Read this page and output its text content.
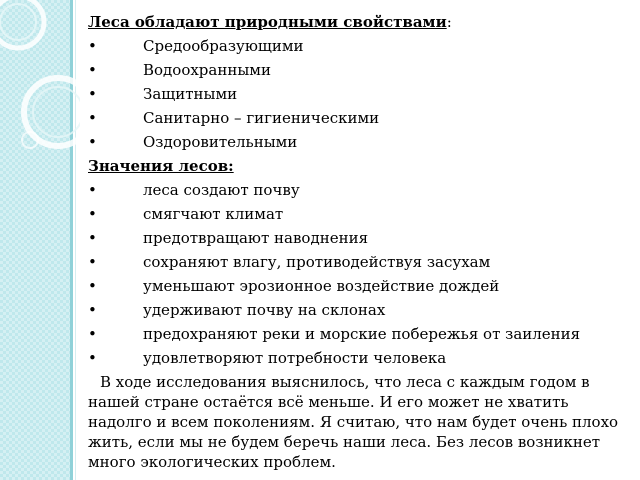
Леса обладают природными свойствами:
•	Средообразующими
•	Водоохранными
•	Защитными
•	Санитарно – гигиеническими
•	Оздоровительными
Значения лесов:
•	леса создают почву
•	смягчают климат
•	предотвращают наводнения
•	сохраняют влагу, противодействуя засухам
•	уменьшают эрозионное воздействие дождей
•	удерживают почву на склонах
•	предохраняют реки и морские побережья от заиления
•	удовлетворяют потребности человека

В ходе исследования выяснилось, что леса с каждым годом в нашей стране остаётся всё меньше. И его может не хватить надолго и всем поколениям. Я считаю, что нам будет очень плохо жить, если мы не будем беречь наши леса. Без лесов возникнет много экологических проблем.
